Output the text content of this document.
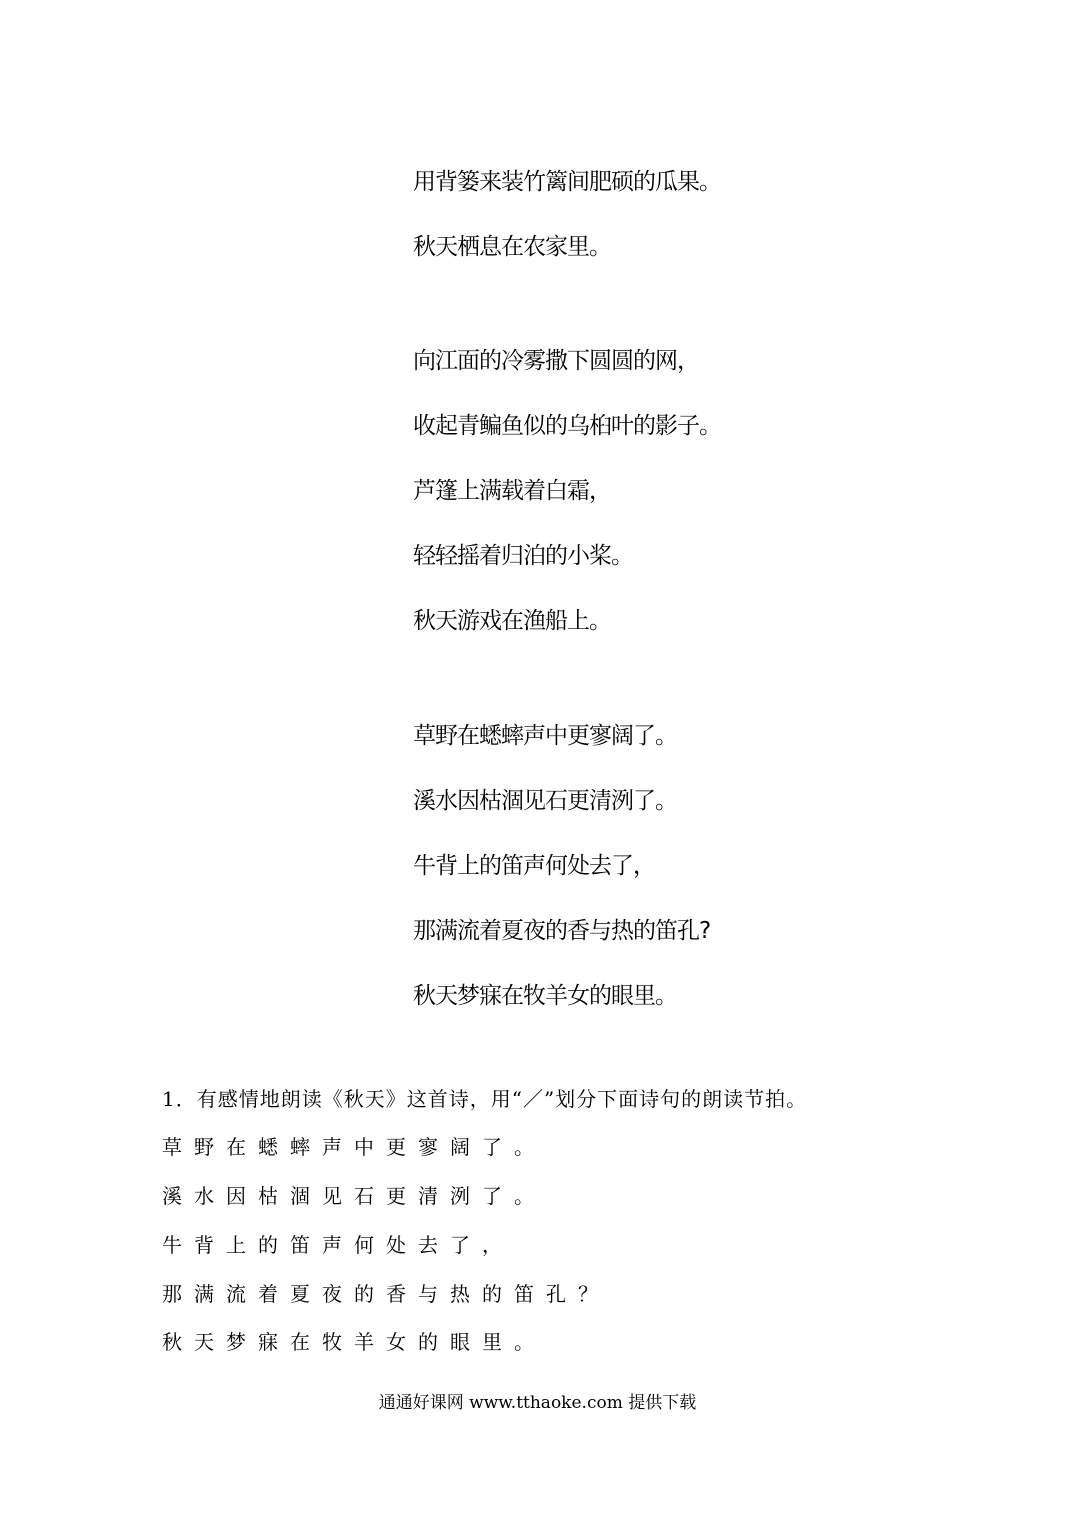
用背篓来装竹篱间肥硕的瓜果。

秋天栖息在农家里。

向江面的冷雾撒下圆圆的网，

收起青鳊鱼似的乌桕叶的影子。

芦篷上满载着白霜，

轻轻摇着归泊的小桨。

秋天游戏在渔船上。

草野在蟋蟀声中更寥阔了。

溪水因枯涸见石更清洌了。

牛背上的笛声何处去了，

那满流着夏夜的香与热的笛孔?

秋天梦寐在牧羊女的眼里。

1．有感情地朗读《秋天》这首诗，用“／”划分下面诗句的朗读节拍。

草野在蟋蟀声中更寥阔了。

溪水因枯涸见石更清洌了。

牛背上的笛声何处去了，

那满流着夏夜的香与热的笛孔？

秋天梦寐在牧羊女的眼里。

通通好课网 www.tthaoke.com 提供下载
